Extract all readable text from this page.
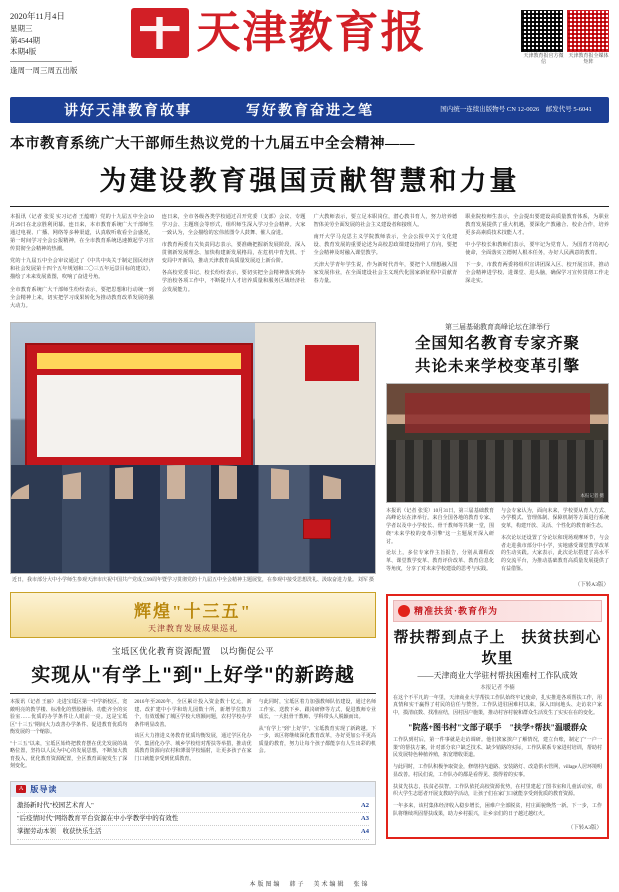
2020年11月4日
星期三
第4544期
本期4版
逢周一周三周五出版
天津教育报	天津教育报官方微信
天津教育报全媒体矩阵
讲好天津教育故事	写好教育奋进之笔	国内统一连续出版物号 CN 12-0026　邮发代号 5-6041
本市教育系统广大干部师生热议党的十九届五中全会精神——
为建设教育强国贡献智慧和力量

本报讯（记者 张雯 实习记者 王蕴晴）党的十九届五中全会10月29日在北京胜利闭幕。连日来，本市教育系统广大干部师生通过电视、广播、网络等多种渠道，认真收听收看全会盛况，第一时间学习全会公报精神，在全市教育系统迅速掀起学习宣传贯彻全会精神的热潮。

党的十九届五中全会审议通过了《中共中央关于制定国民经济和社会发展第十四个五年规划和二〇三五年远景目标的建议》，描绘了未来发展蓝图，吹响了奋进号角。

全市教育系统广大干部师生纷纷表示，要把思想和行动统一到全会精神上来，切实把学习成果转化为推动教育改革发展的强大动力。

连日来，全市各级各类学校通过召开党委（支部）会议、专题学习会、主题班会等形式，组织师生深入学习全会精神。大家一致认为，全会描绘的宏伟蓝图令人鼓舞、催人奋进。

市教育两委有关负责同志表示，要准确把握新发展阶段、深入贯彻新发展理念、加快构建新发展格局，在危机中育先机、于变局中开新局，推动天津教育高质量发展迈上新台阶。

各高校党委书记、校长纷纷表示，要切实把全会精神落实到办学治校各项工作中，不断提升人才培养质量和服务区域经济社会发展能力。

广大教师表示，要立足本职岗位，潜心教书育人，努力培养德智体美劳全面发展的社会主义建设者和接班人。

南开大学马克思主义学院教师表示，全会公报中关于文化建设、教育发展的重要论述为高校思政课建设指明了方向，要把全会精神及时融入课堂教学。

天津大学青年学生说，作为新时代青年，要把个人理想融入国家发展伟业，在全面建设社会主义现代化国家新征程中贡献青春力量。

职业院校师生表示，全会提出要建设高质量教育体系，为职业教育发展提供了重大机遇，要深化产教融合、校企合作，培养更多高素质技术技能人才。

中小学校长和教师们表示，要牢记为党育人、为国育才的初心使命，全面落实立德树人根本任务，办好人民满意的教育。

下一步，市教育两委将组织宣讲团深入区、校开展宣讲，推动全会精神进学校、进课堂、进头脑，确保学习宣传贯彻工作走深走实。

刘军 摄
近日，我市部分大中小学师生参观天津市庆祝中国共产党成立99周年暨学习贯彻党的十九届五中全会精神主题展览，在参观中接受思想洗礼、汲取奋进力量。
辉煌"十三五"
天津教育发展成果巡礼
宝坻区优化教育资源配置　以均衡促公平
实现从"有学上"到"上好学"的新跨越

本报讯（记者 王丽）走进宝坻区第一中学新校区，宽敞明亮的教学楼、标准化的塑胶操场、功能齐全的实验室……优质的办学条件让人眼前一亮。这是宝坻区"十三五"期间大力改善办学条件、促进教育优质均衡发展的一个缩影。

"十三五"以来，宝坻区始终把教育摆在优先发展的战略位置，坚持以人民为中心的发展思想，不断加大教育投入，优化教育资源配置，全区教育面貌发生了深刻变化。

2016年至2020年，全区累计投入资金数十亿元，新建、改扩建中小学和幼儿园数十所，新增学位数万个，有效缓解了城区学校大班额问题，农村学校办学条件明显改善。

该区大力推进义务教育优质均衡发展，通过学区化办学、集团化办学、城乡学校结对帮扶等举措，推动优质教育资源向农村和薄弱学校辐射，让更多孩子在家门口就能享受到优质教育。

与此同时，宝坻区着力加强教师队伍建设，通过名师工作室、送教下乡、跟岗研修等方式，促进教师专业成长，一大批骨干教师、学科带头人脱颖而出。

从"有学上"到"上好学"，宝坻教育实现了新跨越。下一步，该区将继续深化教育改革，办好更加公平更高质量的教育，努力让每个孩子都能享有人生出彩的机会。

A 版导读
激扬新时代"校园艺术育人"	A2
"后疫情时代"网络教育平台资源在中小学教学中的有效性	A3
掌握劳动本领　收获快乐生活	A4
第三届基础教育高峰论坛在津举行
全国知名教育专家齐聚
共论未来学校变革引擎
本报记者 摄

本报讯（记者 张雯）10月31日，第三届基础教育高峰论坛在津举行。来自全国各地的教育专家、学者以及中小学校长、骨干教师等共聚一堂，围绕"未来学校的变革引擎"这一主题展开深入研讨。

论坛上，多位专家作主旨报告，分别从课程改革、课堂教学变革、教育评价改革、教育信息化等角度，分享了对未来学校建设的思考与实践。

与会专家认为，面向未来，学校要从育人方式、办学模式、管理体制、保障机制等方面进行系统变革，构建开放、灵活、个性化的教育新生态。

本次论坛还设置了分论坛和现场观摩环节，与会者走进我市部分中小学，实地感受课堂教学改革的生动实践。大家表示，此次论坛搭建了高水平的交流平台，为推动基础教育高质量发展提供了有益借鉴。

（下转A3版）
精准扶贫·教育作为
帮扶帮到点子上　扶贫扶到心坎里
——天津商业大学驻村帮扶困难村工作队成效
本报记者 李楠

在这个不平凡的一年里，天津商业大学帮扶工作队始终牢记使命，扎实推进各项帮扶工作，用真情和实干赢得了村民的信任与赞誉。工作队进驻困难村以来，深入田间地头、走访农户家中，摸清底数、找准症结，因村因户施策，推动村容村貌和群众生活发生了实实在在的变化。

"院落+图书村"文部子联手　"扶学+帮扶"温暖群众

工作队到村后，第一件事就是走访调研。他们挨家挨户了解情况，建立台账，制定了"一户一策"的帮扶方案。针对部分农户缺乏技术、缺少销路的实际，工作队联系专家进村培训，帮助村民发展特色种植养殖，拓宽增收渠道。

与此同时，工作队积极争取资金，修缮村内道路、安装路灯、改造供水管网，village人居环境明显改善。村民们说，工作队办的都是看得见、摸得着的实事。

扶贫先扶志，扶贫必扶智。工作队依托高校资源优势，在村里建起了图书室和儿童活动室，组织大学生志愿者开展支教助学活动，让孩子们在家门口就能享受到优质的教育资源。

一年多来，该村集体经济收入稳步增长，困难户全部脱贫，村庄面貌焕然一新。下一步，工作队将继续巩固帮扶成果，助力乡村振兴，让乡亲们的日子越过越红火。

（下转A3版）
本版图编　韩子　美术编辑　张锦
